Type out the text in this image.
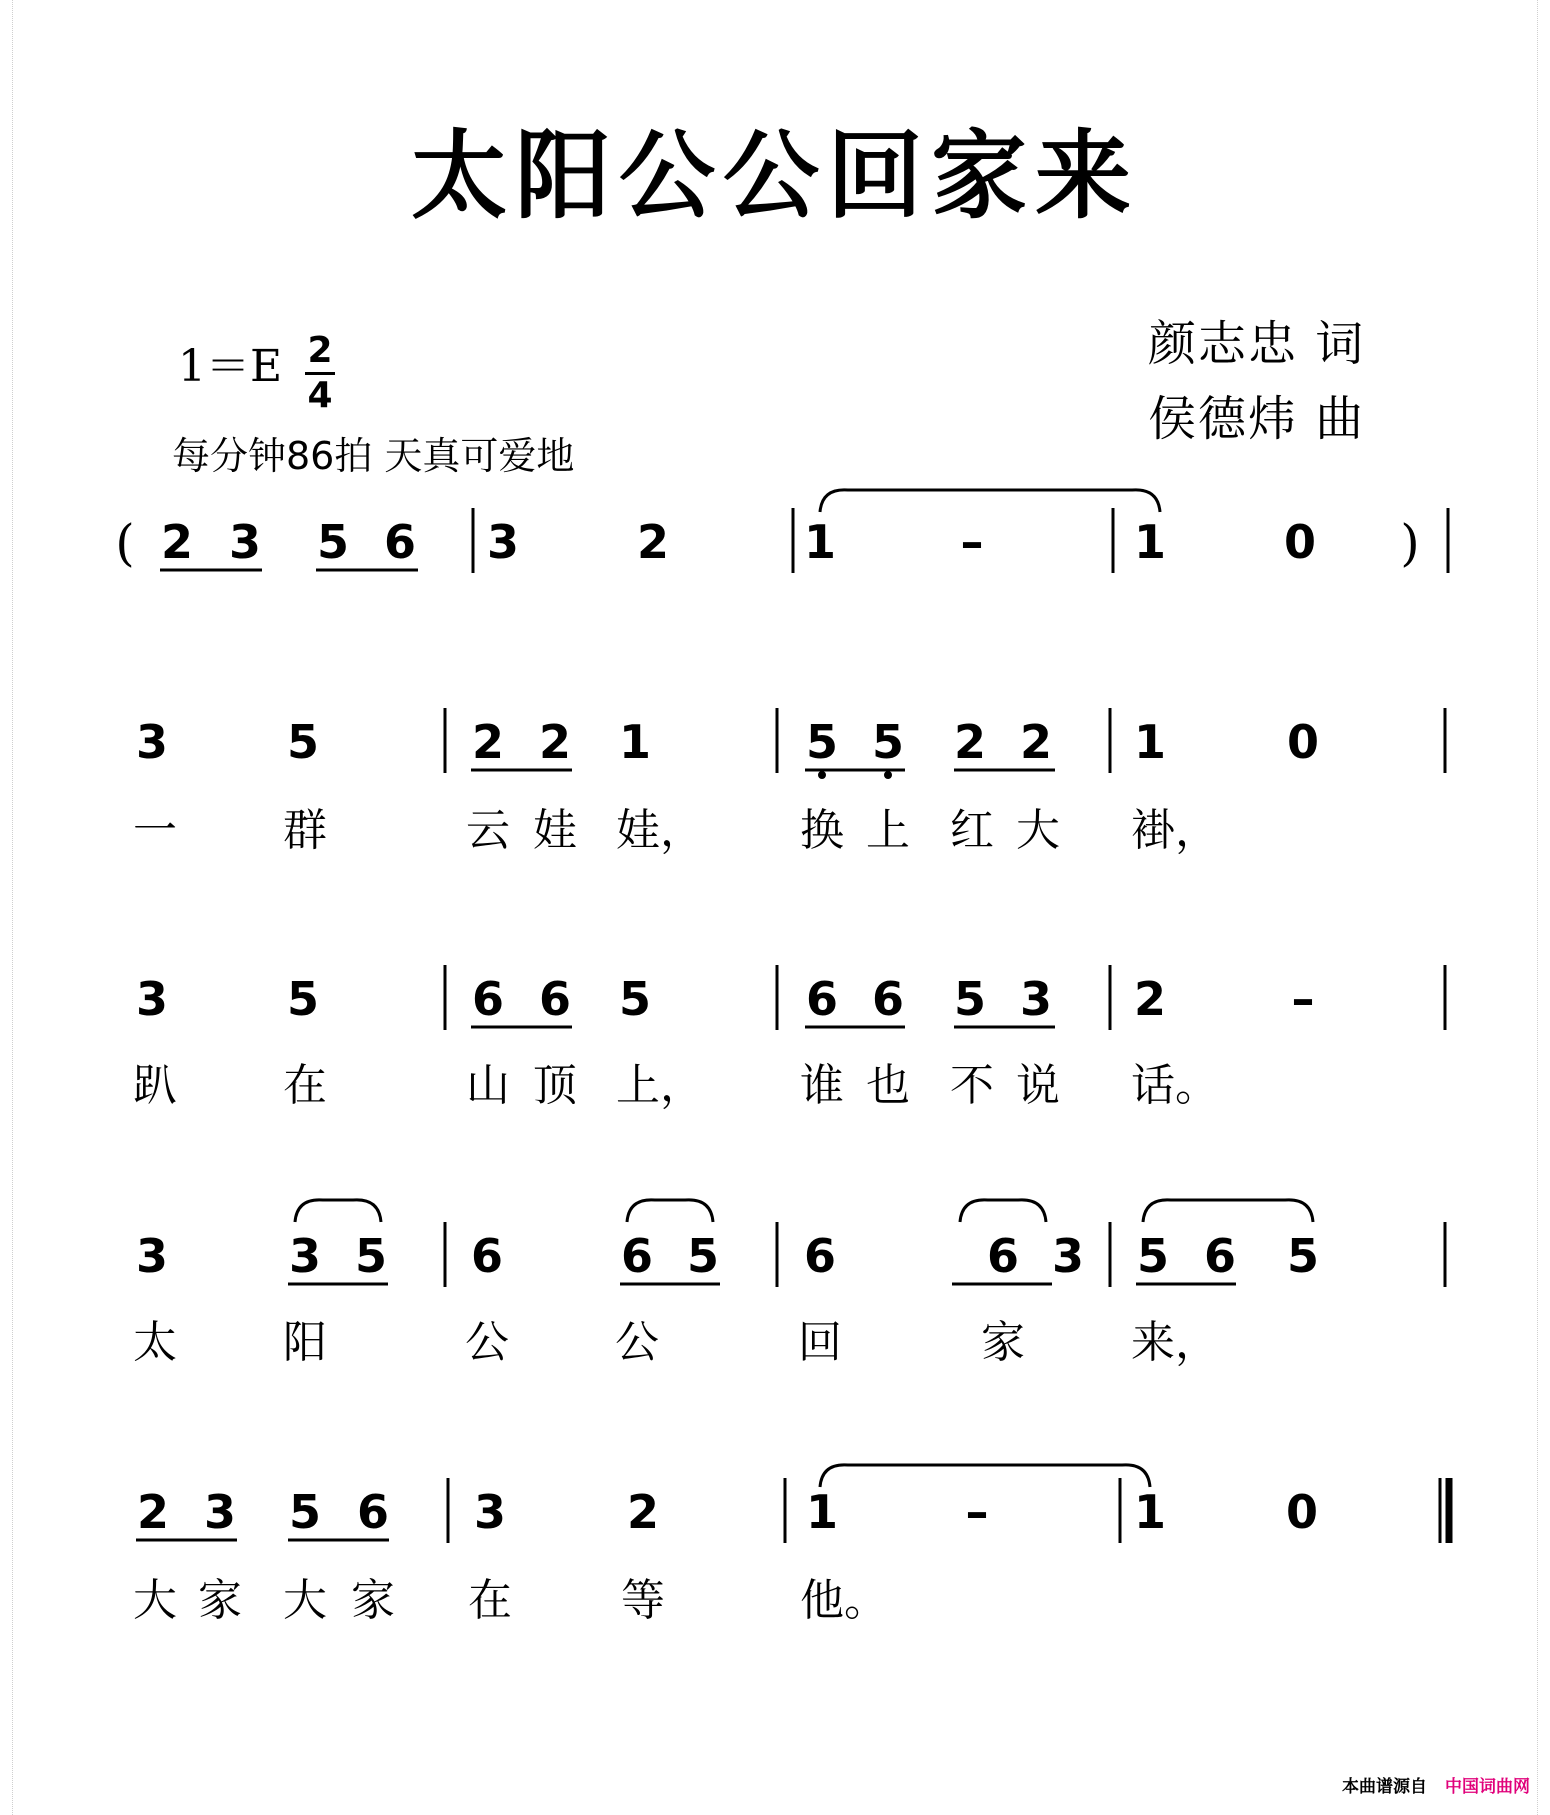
太阳公公回家来
$1=E \frac{2}{4}$
每分钟86拍 天真可爱地
颜志忠 词
侯德炜 曲
2 3 5 6 3	2	1	–	1	0
(	)
3	5	2 2 1	5 5 2 2 1	0
一 群	云 娃 娃， 换 上 红 大 褂，
3	5	6 6 5	6 6 5 3 2	–
趴 在	山 顶 上， 谁 也 不 说 话。
3	3 5 6	6 5 6	6 3 5 6 5
太 阳	公 公	回	家 来，
2 3 5 6 3	2	1	–	1	0
大 家 大 家 在 等	他。
本曲谱源自 中国词曲网
